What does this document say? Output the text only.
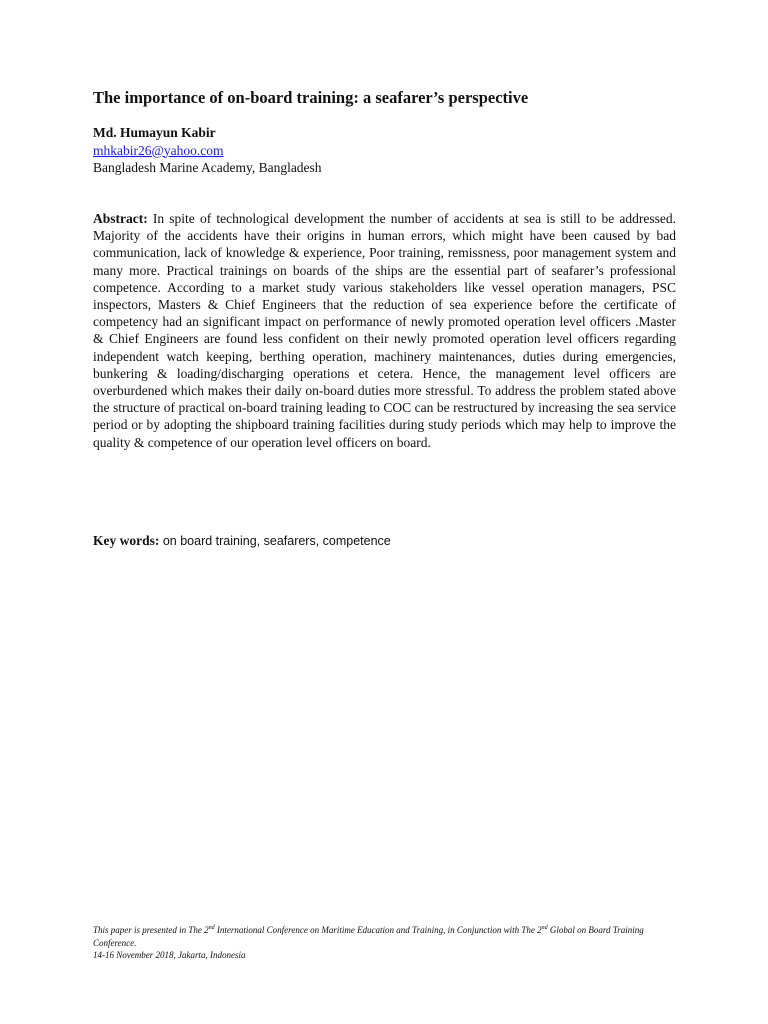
The importance of on-board training: a seafarer’s perspective
Md. Humayun Kabir
mhkabir26@yahoo.com
Bangladesh Marine Academy, Bangladesh

Abstract: In spite of technological development the number of accidents at sea is still to be addressed. Majority of the accidents have their origins in human errors, which might have been caused by bad communication, lack of knowledge & experience, Poor training, remissness, poor management system and many more. Practical trainings on boards of the ships are the essential part of seafarer’s professional competence. According to a market study various stakeholders like vessel operation managers, PSC inspectors, Masters & Chief Engineers that the reduction of sea experience before the certificate of competency had an significant impact on performance of newly promoted operation level officers .Master & Chief Engineers are found less confident on their newly promoted operation level officers regarding independent watch keeping, berthing operation, machinery maintenances, duties during emergencies, bunkering & loading/discharging operations et cetera. Hence, the management level officers are overburdened which makes their daily on-board duties more stressful. To address the problem stated above the structure of practical on-board training leading to COC can be restructured by increasing the sea service period or by adopting the shipboard training facilities during study periods which may help to improve the quality & competence of our operation level officers on board.

Key words: on board training, seafarers, competence

This paper is presented in The 2nd International Conference on Maritime Education and Training, in Conjunction with The 2nd Global on Board Training Conference.
14-16 November 2018, Jakarta, Indonesia
